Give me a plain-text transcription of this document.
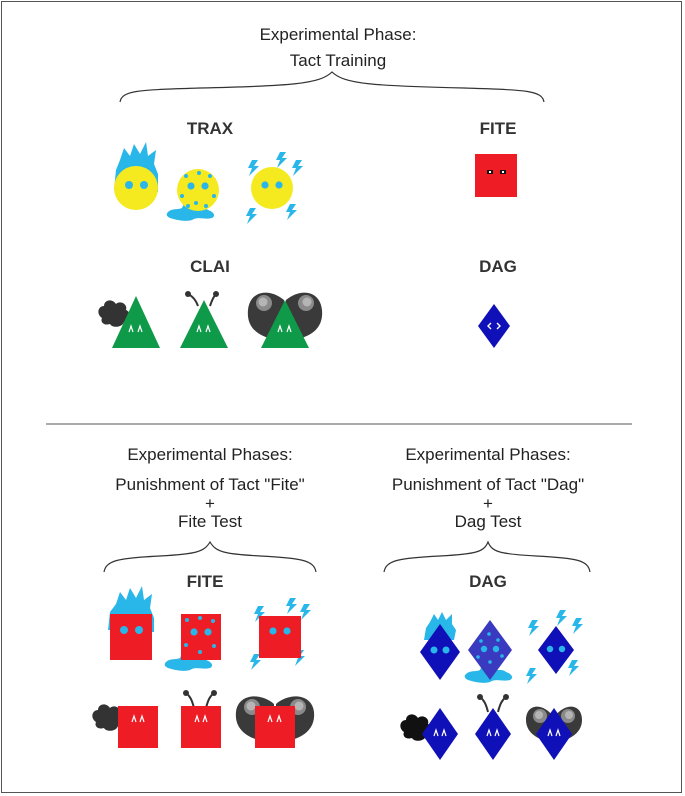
Experimental Phase:
Tact Training
TRAX	FITE
CLAI	DAG
Experimental Phases:
Punishment of Tact "Fite"
+
Fite Test
FITE
Experimental Phases:
Punishment of Tact "Dag"
+
Dag Test
DAG
